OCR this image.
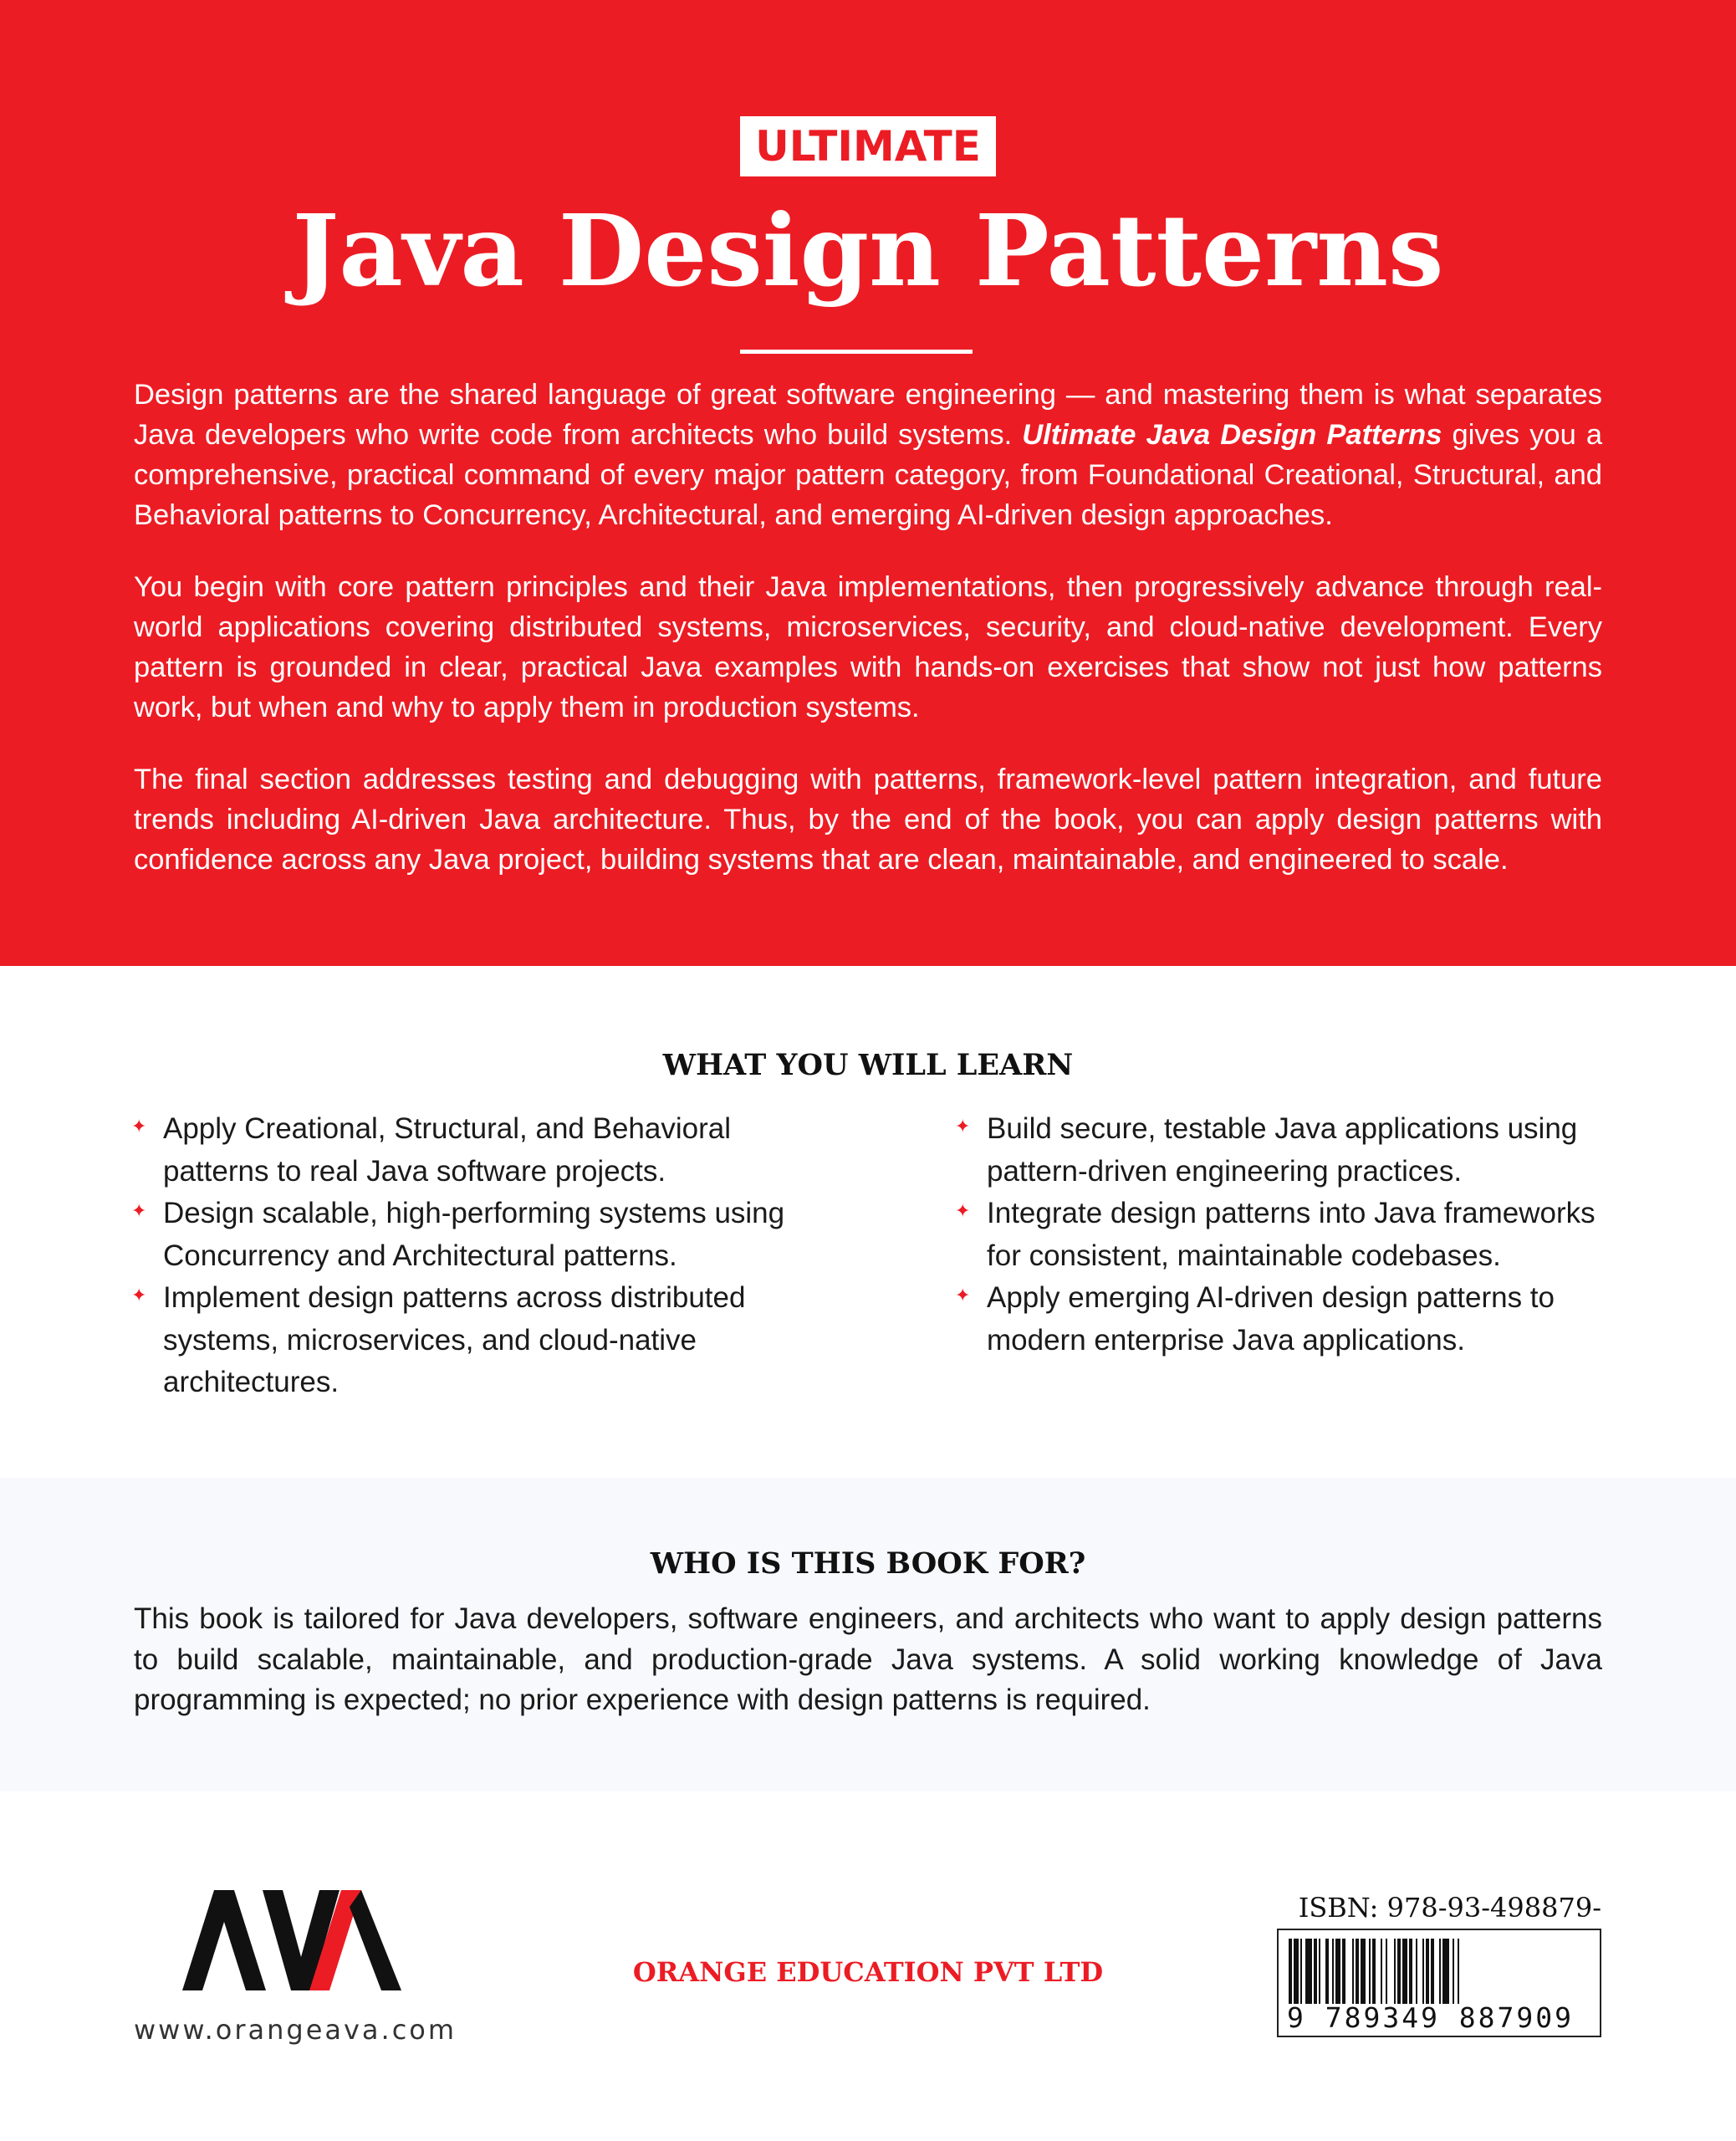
ULTIMATE
Java Design Patterns

Design patterns are the shared language of great software engineering — and mastering them is what separates Java developers who write code from architects who build systems. Ultimate Java Design Patterns gives you a comprehensive, practical command of every major pattern category, from Foundational Creational, Structural, and Behavioral patterns to Concurrency, Architectural, and emerging AI-driven design approaches.

You begin with core pattern principles and their Java implementations, then progressively advance through real-world applications covering distributed systems, microservices, security, and cloud-native development. Every pattern is grounded in clear, practical Java examples with hands-on exercises that show not just how patterns work, but when and why to apply them in production systems.

The final section addresses testing and debugging with patterns, framework-level pattern integration, and future trends including AI-driven Java architecture. Thus, by the end of the book, you can apply design patterns with confidence across any Java project, building systems that are clean, maintainable, and engineered to scale.

WHAT YOU WILL LEARN
✦ Apply Creational, Structural, and Behavioral patterns to real Java software projects.
✦ Design scalable, high-performing systems using Concurrency and Architectural patterns.
✦ Implement design patterns across distributed systems, microservices, and cloud-native architectures.
✦ Build secure, testable Java applications using pattern-driven engineering practices.
✦ Integrate design patterns into Java frameworks for consistent, maintainable codebases.
✦ Apply emerging AI-driven design patterns to modern enterprise Java applications.
WHO IS THIS BOOK FOR?
This book is tailored for Java developers, software engineers, and architects who want to apply design patterns to build scalable, maintainable, and production-grade Java systems. A solid working knowledge of Java programming is expected; no prior experience with design patterns is required.
www.orangeava.com
ORANGE EDUCATION PVT LTD
ISBN: 978-93-498879-
9 789349 887909
